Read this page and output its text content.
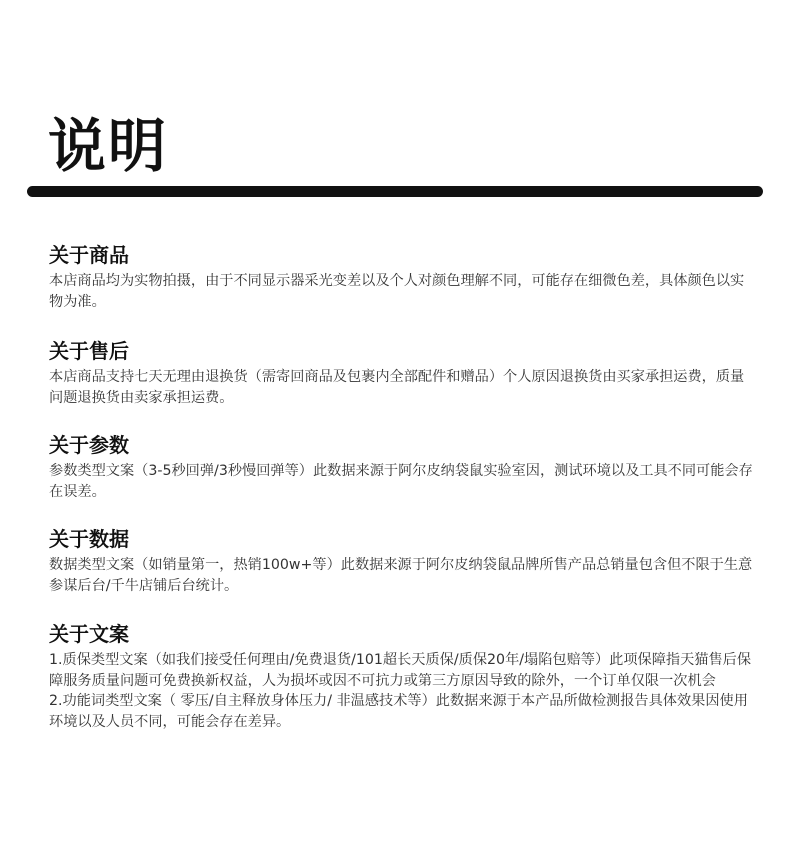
说明
关于商品
本店商品均为实物拍摄，由于不同显示器采光变差以及个人对颜色理解不同，可能存在细微色差，具体颜色以实物为准。
关于售后
本店商品支持七天无理由退换货（需寄回商品及包裹内全部配件和赠品）个人原因退换货由买家承担运费，质量问题退换货由卖家承担运费。
关于参数
参数类型文案（3-5秒回弹/3秒慢回弹等）此数据来源于阿尔皮纳袋鼠实验室因，测试环境以及工具不同可能会存在误差。
关于数据
数据类型文案（如销量第一，热销100w+等）此数据来源于阿尔皮纳袋鼠品牌所售产品总销量包含但不限于生意参谋后台/千牛店铺后台统计。
关于文案

1.质保类型文案（如我们接受任何理由/免费退货/101超长天质保/质保20年/塌陷包赔等）此项保障指天猫售后保障服务质量问题可免费换新权益，人为损坏或因不可抗力或第三方原因导致的除外，一个订单仅限一次机会

2.功能词类型文案（ 零压/自主释放身体压力/ 非温感技术等）此数据来源于本产品所做检测报告具体效果因使用环境以及人员不同，可能会存在差异。
